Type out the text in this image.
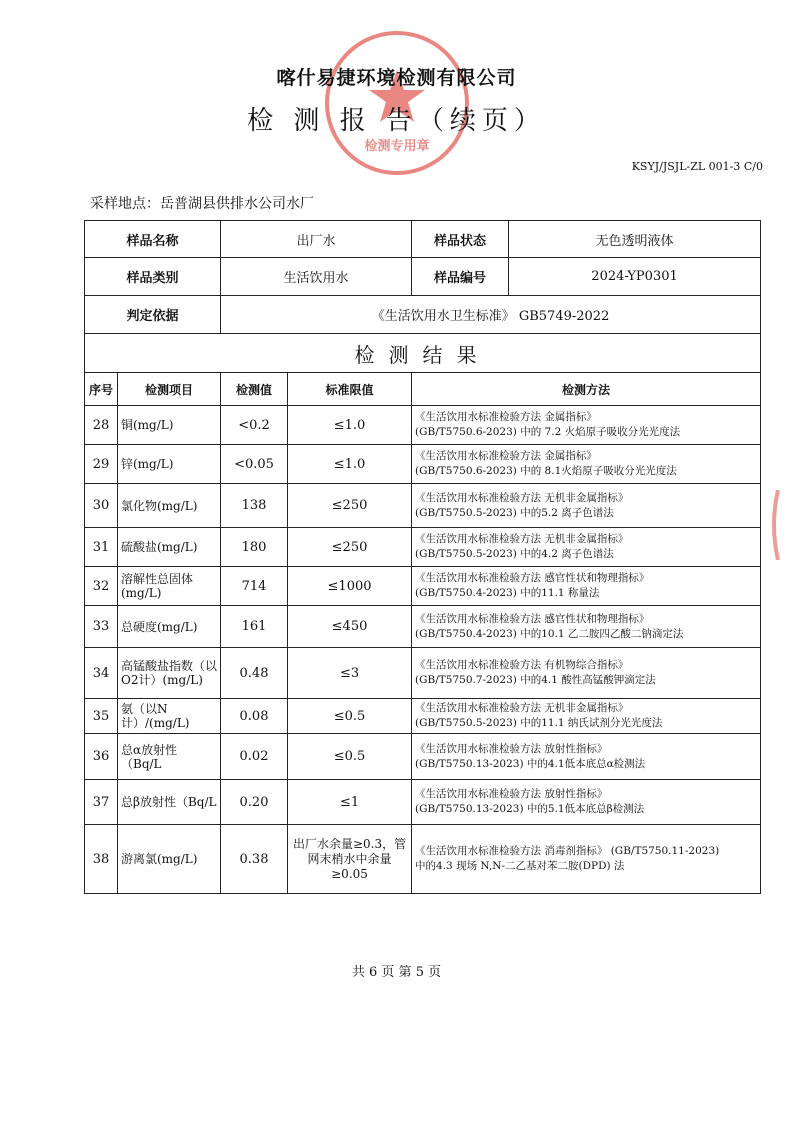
检测专用章
喀什易捷环境检测有限公司
检 测 报 告（续页）
KSYJ/JSJL-ZL 001-3 C/0
采样地点：岳普湖县供排水公司水厂
样品名称		出厂水		样品状态	无色透明液体
样品类别		生活饮用水		样品编号	2024-YP0301
判定依据		《生活饮用水卫生标准》 GB5749-2022			
检测结果					
序号	检测项目	检测值	标准限值	检测方法	
28	铜(mg/L)	<0.2	≤1.0	《生活饮用水标准检验方法 金属指标》
(GB/T5750.6-2023) 中的 7.2 火焰原子吸收分光光度法	

29	锌(mg/L)	<0.05	≤1.0	《生活饮用水标准检验方法 金属指标》
(GB/T5750.6-2023) 中的 8.1火焰原子吸收分光光度法	

30	氯化物(mg/L)	138	≤250	《生活饮用水标准检验方法 无机非金属指标》
(GB/T5750.5-2023) 中的5.2 离子色谱法	

31	硫酸盐(mg/L)	180	≤250	《生活饮用水标准检验方法 无机非金属指标》
(GB/T5750.5-2023) 中的4.2 离子色谱法	

32	溶解性总固体(mg/L)	714	≤1000	《生活饮用水标准检验方法 感官性状和物理指标》
(GB/T5750.4-2023) 中的11.1 称量法	

33	总硬度(mg/L)	161	≤450	《生活饮用水标准检验方法 感官性状和物理指标》
(GB/T5750.4-2023) 中的10.1 乙二胺四乙酸二钠滴定法	

34	高锰酸盐指数（以O2计）(mg/L)	0.48	≤3	《生活饮用水标准检验方法 有机物综合指标》
(GB/T5750.7-2023) 中的4.1 酸性高锰酸钾滴定法	

35	氨（以N计）/(mg/L)	0.08	≤0.5	《生活饮用水标准检验方法 无机非金属指标》
(GB/T5750.5-2023) 中的11.1 纳氏试剂分光光度法	

36	总α放射性（Bq/L	0.02	≤0.5	《生活饮用水标准检验方法 放射性指标》
(GB/T5750.13-2023) 中的4.1低本底总α检测法	

37	总β放射性（Bq/L	0.20	≤1	《生活饮用水标准检验方法 放射性指标》
(GB/T5750.13-2023) 中的5.1低本底总β检测法	

38	游离氯(mg/L)	0.38	出厂水余量≥0.3，管网末梢水中余量≥0.05	《生活饮用水标准检验方法 消毒剂指标》 (GB/T5750.11-2023)
中的4.3 现场 N,N-二乙基对苯二胺(DPD) 法	
共 6 页 第 5 页
